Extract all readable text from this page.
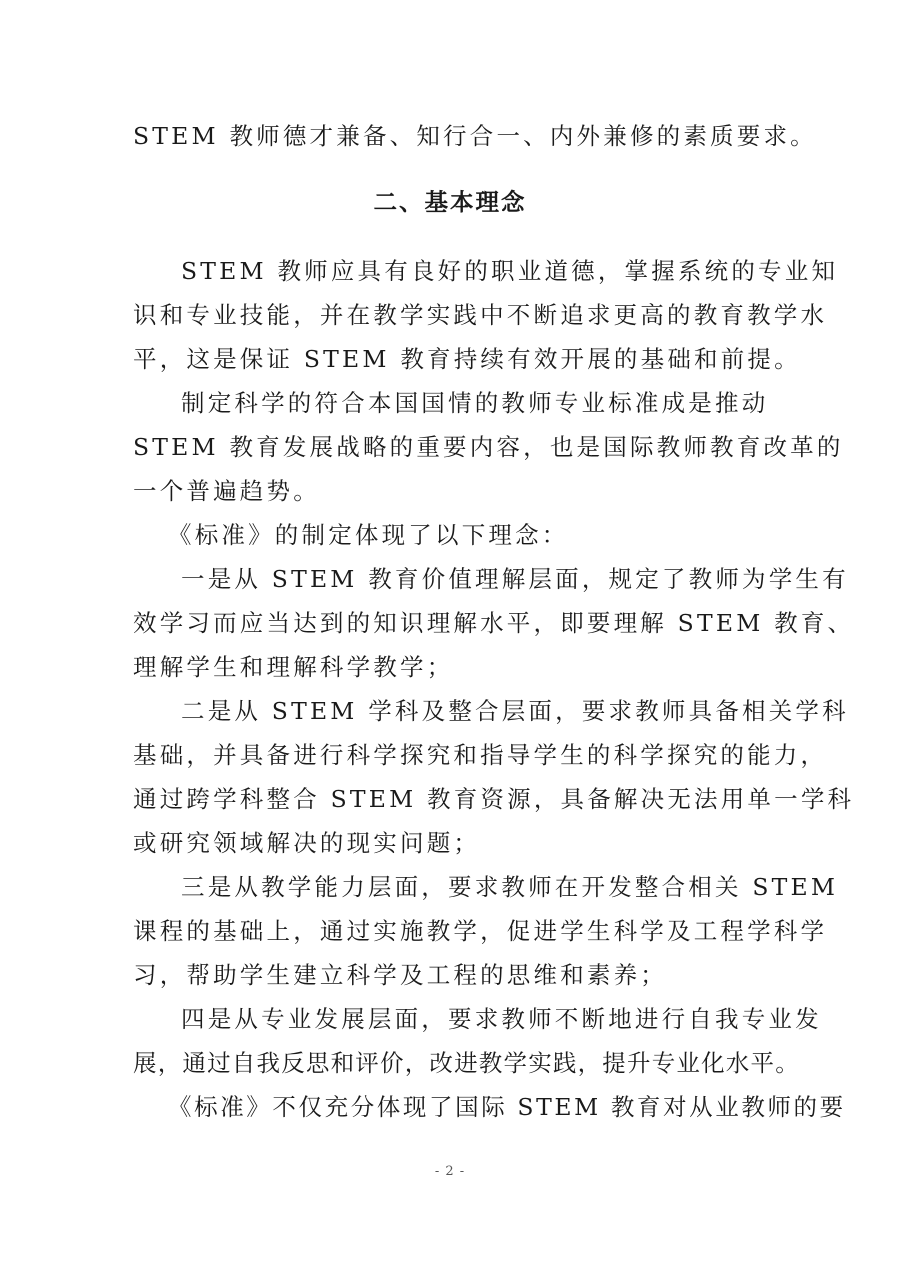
STEM 教师德才兼备、知行合一、内外兼修的素质要求。
二、基本理念
STEM 教师应具有良好的职业道德，掌握系统的专业知
识和专业技能，并在教学实践中不断追求更高的教育教学水
平，这是保证 STEM 教育持续有效开展的基础和前提。
制定科学的符合本国国情的教师专业标准成是推动
STEM 教育发展战略的重要内容，也是国际教师教育改革的
一个普遍趋势。
《标准》的制定体现了以下理念：
一是从 STEM 教育价值理解层面，规定了教师为学生有
效学习而应当达到的知识理解水平，即要理解 STEM 教育、
理解学生和理解科学教学；
二是从 STEM 学科及整合层面，要求教师具备相关学科
基础，并具备进行科学探究和指导学生的科学探究的能力，
通过跨学科整合 STEM 教育资源，具备解决无法用单一学科
或研究领域解决的现实问题；
三是从教学能力层面，要求教师在开发整合相关 STEM
课程的基础上，通过实施教学，促进学生科学及工程学科学
习，帮助学生建立科学及工程的思维和素养；
四是从专业发展层面，要求教师不断地进行自我专业发
展，通过自我反思和评价，改进教学实践，提升专业化水平。
《标准》不仅充分体现了国际 STEM 教育对从业教师的要
- 2 -
